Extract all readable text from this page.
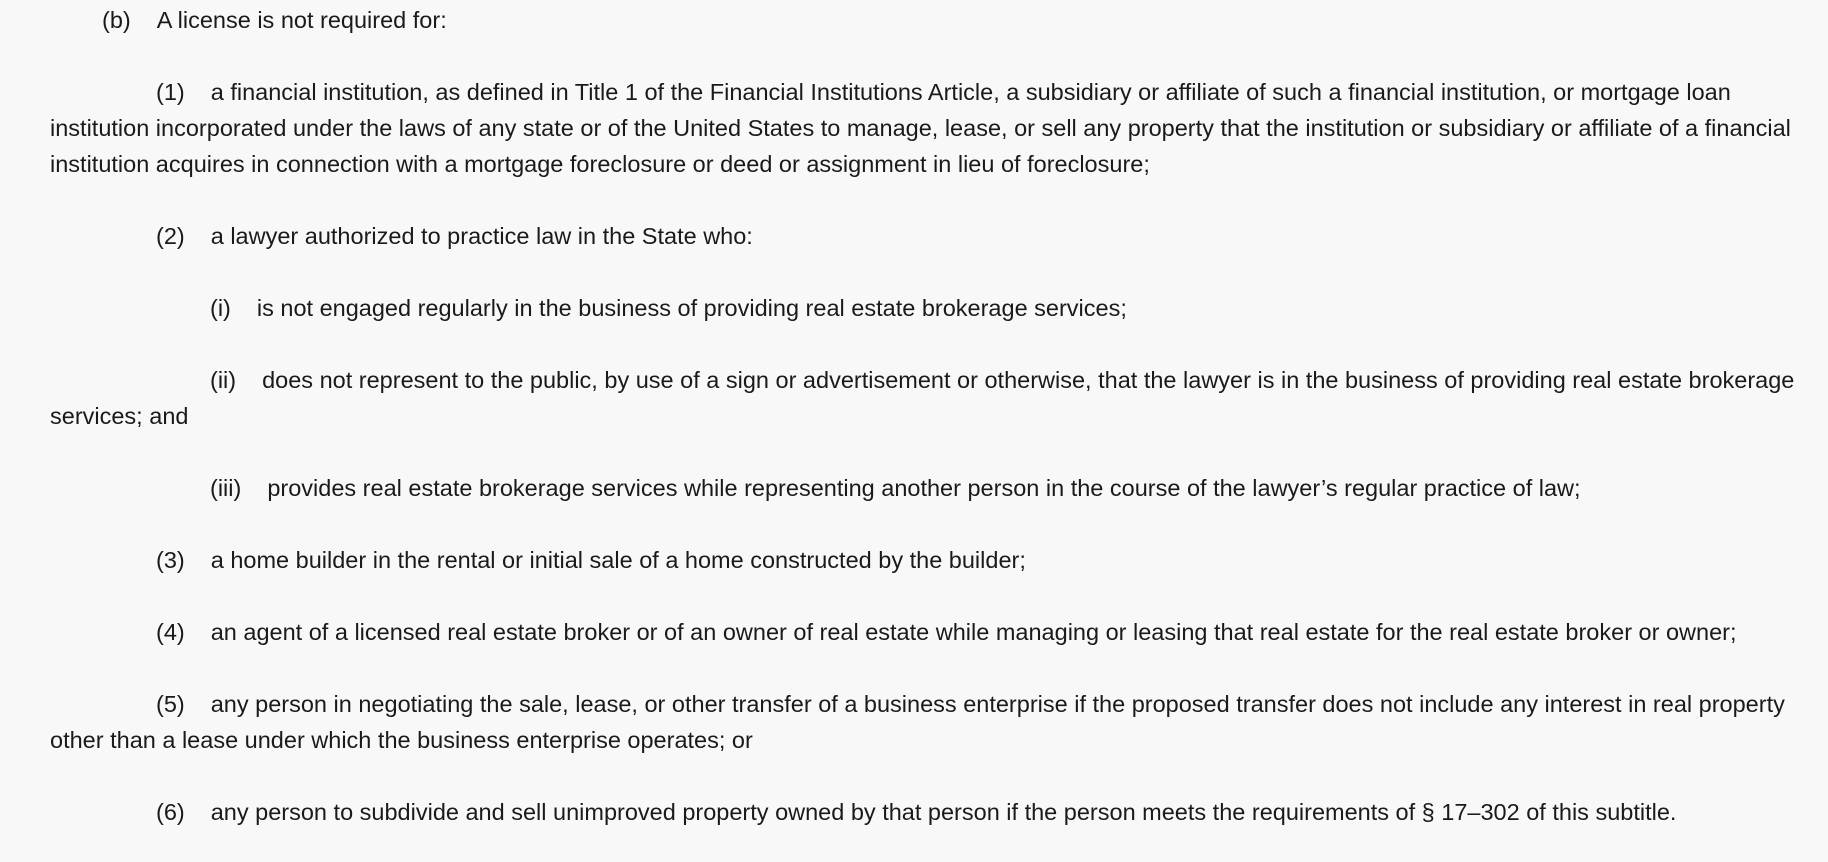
(b) A license is not required for:

(1) a financial institution, as defined in Title 1 of the Financial Institutions Article, a subsidiary or affiliate of such a financial institution, or mortgage loan institution incorporated under the laws of any state or of the United States to manage, lease, or sell any property that the institution or subsidiary or affiliate of a financial institution acquires in connection with a mortgage foreclosure or deed or assignment in lieu of foreclosure;

(2) a lawyer authorized to practice law in the State who:

(i) is not engaged regularly in the business of providing real estate brokerage services;

(ii) does not represent to the public, by use of a sign or advertisement or otherwise, that the lawyer is in the business of providing real estate brokerage services; and

(iii) provides real estate brokerage services while representing another person in the course of the lawyer’s regular practice of law;

(3) a home builder in the rental or initial sale of a home constructed by the builder;

(4) an agent of a licensed real estate broker or of an owner of real estate while managing or leasing that real estate for the real estate broker or owner;

(5) any person in negotiating the sale, lease, or other transfer of a business enterprise if the proposed transfer does not include any interest in real property other than a lease under which the business enterprise operates; or

(6) any person to subdivide and sell unimproved property owned by that person if the person meets the requirements of § 17–302 of this subtitle.
